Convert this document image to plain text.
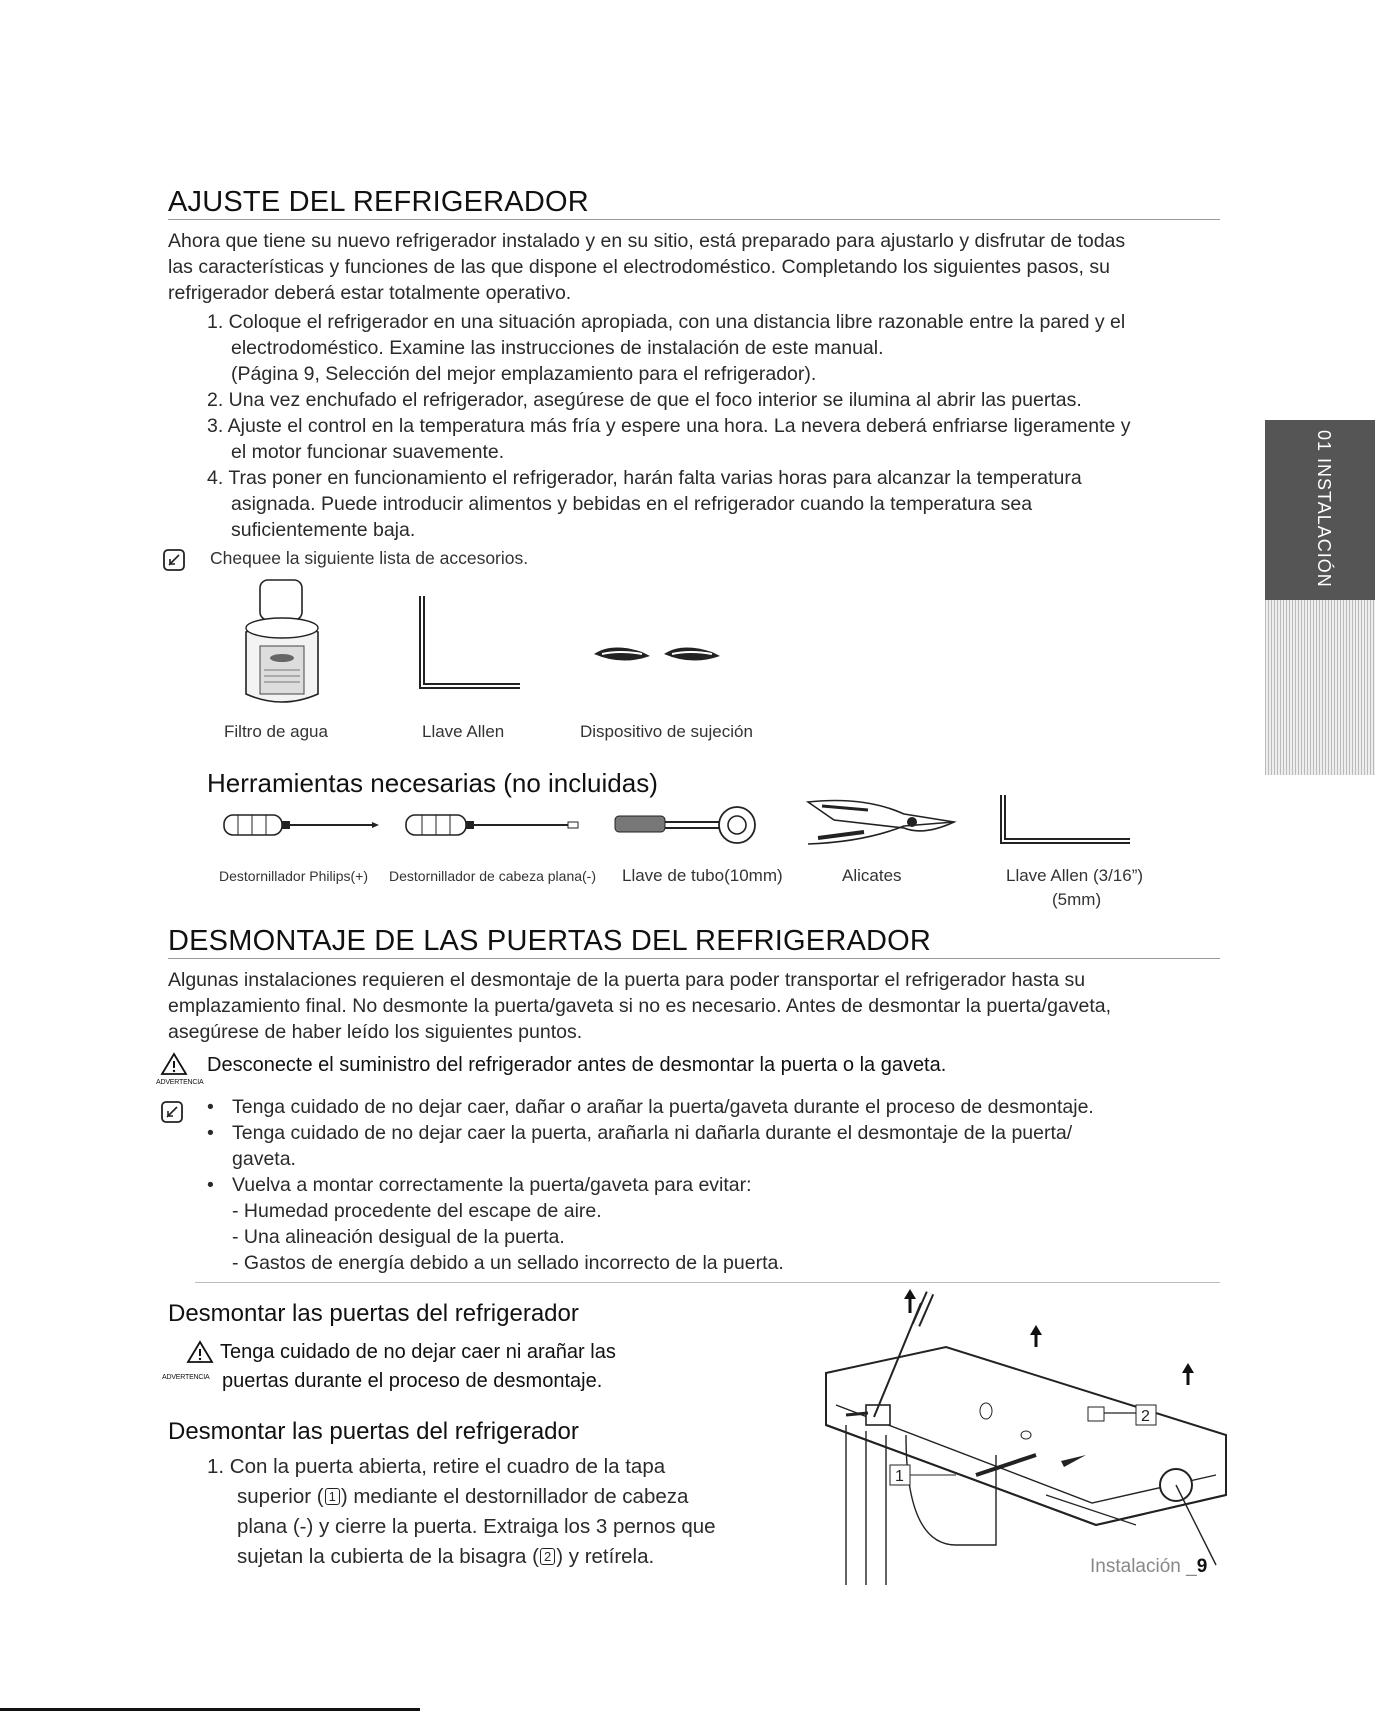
01 INSTALACIÓN
AJUSTE DEL REFRIGERADOR
Ahora que tiene su nuevo refrigerador instalado y en su sitio, está preparado para ajustarlo y disfrutar de todas
las características y funciones de las que dispone el electrodoméstico. Completando los siguientes pasos, su
refrigerador deberá estar totalmente operativo.
1. Coloque el refrigerador en una situación apropiada, con una distancia libre razonable entre la pared y el
electrodoméstico. Examine las instrucciones de instalación de este manual.
(Página 9, Selección del mejor emplazamiento para el refrigerador).
2. Una vez enchufado el refrigerador, asegúrese de que el foco interior se ilumina al abrir las puertas.
3. Ajuste el control en la temperatura más fría y espere una hora. La nevera deberá enfriarse ligeramente y
el motor funcionar suavemente.
4. Tras poner en funcionamiento el refrigerador, harán falta varias horas para alcanzar la temperatura
asignada. Puede introducir alimentos y bebidas en el refrigerador cuando la temperatura sea
suficientemente baja.
Chequee la siguiente lista de accesorios.
Filtro de agua	Llave Allen	Dispositivo de sujeción
Herramientas necesarias (no incluidas)
Destornillador Philips(+) Destornillador de cabeza plana(-) Llave de tubo(10mm)	Alicates	Llave Allen (3/16”)
(5mm)
DESMONTAJE DE LAS PUERTAS DEL REFRIGERADOR
Algunas instalaciones requieren el desmontaje de la puerta para poder transportar el refrigerador hasta su
emplazamiento final. No desmonte la puerta/gaveta si no es necesario. Antes de desmontar la puerta/gaveta,
asegúrese de haber leído los siguientes puntos.
ADVERTENCIA
Desconecte el suministro del refrigerador antes de desmontar la puerta o la gaveta.
• Tenga cuidado de no dejar caer, dañar o arañar la puerta/gaveta durante el proceso de desmontaje.
• Tenga cuidado de no dejar caer la puerta, arañarla ni dañarla durante el desmontaje de la puerta/
gaveta.
• Vuelva a montar correctamente la puerta/gaveta para evitar:
- Humedad procedente del escape de aire.
- Una alineación desigual de la puerta.
- Gastos de energía debido a un sellado incorrecto de la puerta.
Desmontar las puertas del refrigerador
ADVERTENCIA
Tenga cuidado de no dejar caer ni arañar las
puertas durante el proceso de desmontaje.
Desmontar las puertas del refrigerador
1. Con la puerta abierta, retire el cuadro de la tapa
superior ( 1 ) mediante el destornillador de cabeza
plana (-) y cierre la puerta. Extraiga los 3 pernos que
sujetan la cubierta de la bisagra ( 2 ) y retírela.
2
1
Instalación _9
